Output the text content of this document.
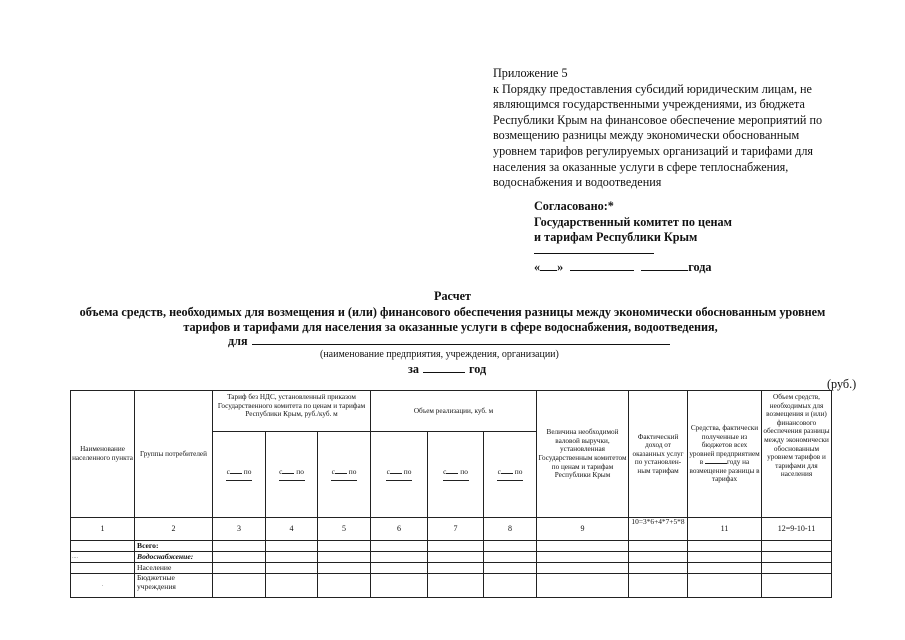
Приложение 5
к Порядку предоставления субсидий юридическим лицам, не
являющимся государственными учреждениями, из бюджета
Республики Крым на финансовое обеспечение мероприятий по
возмещению разницы между экономически обоснованным
уровнем тарифов регулируемых организаций и тарифами для
населения за оказанные услуги в сфере теплоснабжения,
водоснабжения и водоотведения
Согласовано:*
Государственный комитет по ценам
и тарифам Республики Крым
« »	года
Расчет
объема средств, необходимых для возмещения и (или) финансового обеспечения разницы между экономически обоснованным уровнем
тарифов и тарифами для населения за оказанные услуги в сфере водоснабжения, водоотведения,
для
(наименование предприятия, учреждения, организации)
за	год
(руб.)
Наименование населенного пункта	Группы потребителей	Тариф без НДС, установленный приказом Государственного комитета по ценам и тарифам Республики Крым, руб./куб. м			Объем реализации, куб. м			Величина необходимой валовой выручки, установленная Государственным комитетом по ценам и тарифам Республики Крым	Фактический доход от оказанных услуг по установлен-ным тарифам	Средства, фактически полученные из бюджетов всех уровней предприятием в году на возмещение разницы в тарифах	Объем средств, необходимых для возмещения и (или) финансового обеспечения разницы между экономически обоснованным уровнем тарифов и тарифами для населения
		с по	с по	с по	с по	с по	с по				

1	2	3	4	5	6	7	8	9	10=3*6+4*7+5*8	11	12=9-10-11
	Всего:										
....	Водоснабжение:										
	Население										
.	Бюджетные учреждения										
